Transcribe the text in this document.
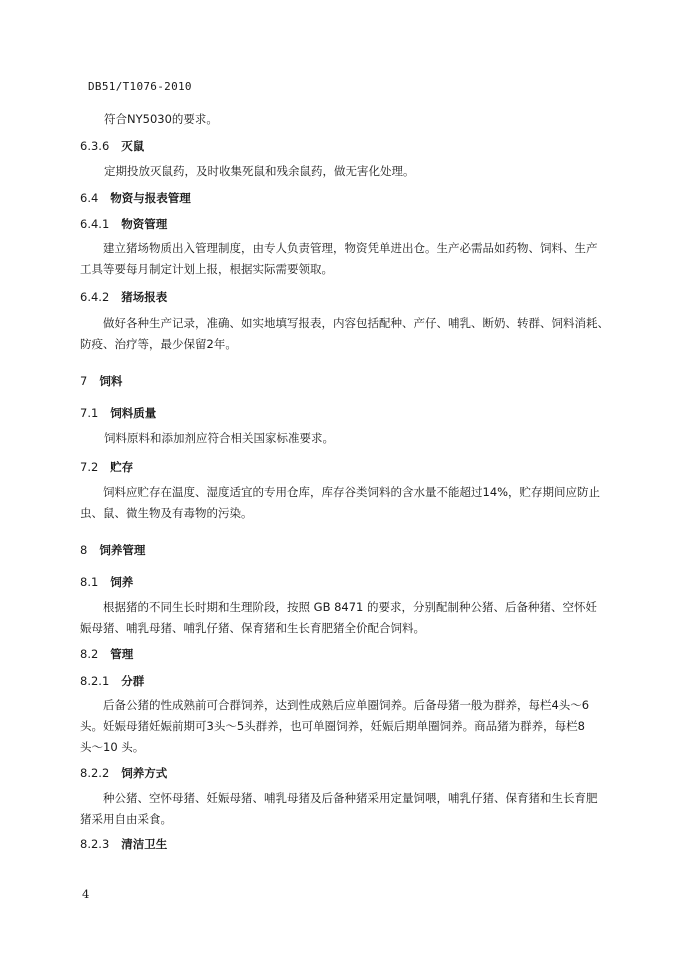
DB51/T1076-2010
符合NY5030的要求。
6.3.6 灭鼠
定期投放灭鼠药，及时收集死鼠和残余鼠药，做无害化处理。
6.4 物资与报表管理
6.4.1 物资管理
建立猪场物质出入管理制度，由专人负责管理，物资凭单进出仓。生产必需品如药物、饲料、生产
工具等要每月制定计划上报，根据实际需要领取。
6.4.2 猪场报表
做好各种生产记录，准确、如实地填写报表，内容包括配种、产仔、哺乳、断奶、转群、饲料消耗、
防疫、治疗等，最少保留2年。
7 饲料
7.1 饲料质量
饲料原料和添加剂应符合相关国家标准要求。
7.2 贮存
饲料应贮存在温度、湿度适宜的专用仓库，库存谷类饲料的含水量不能超过14%，贮存期间应防止
虫、鼠、微生物及有毒物的污染。
8 饲养管理
8.1 饲养
根据猪的不同生长时期和生理阶段，按照 GB 8471 的要求，分别配制种公猪、后备种猪、空怀妊
娠母猪、哺乳母猪、哺乳仔猪、保育猪和生长育肥猪全价配合饲料。
8.2 管理
8.2.1 分群
后备公猪的性成熟前可合群饲养，达到性成熟后应单圈饲养。后备母猪一般为群养，每栏4头～6
头。妊娠母猪妊娠前期可3头～5头群养，也可单圈饲养，妊娠后期单圈饲养。商品猪为群养，每栏8
头～10 头。
8.2.2 饲养方式
种公猪、空怀母猪、妊娠母猪、哺乳母猪及后备种猪采用定量饲喂，哺乳仔猪、保育猪和生长育肥
猪采用自由采食。
8.2.3 清洁卫生
4
